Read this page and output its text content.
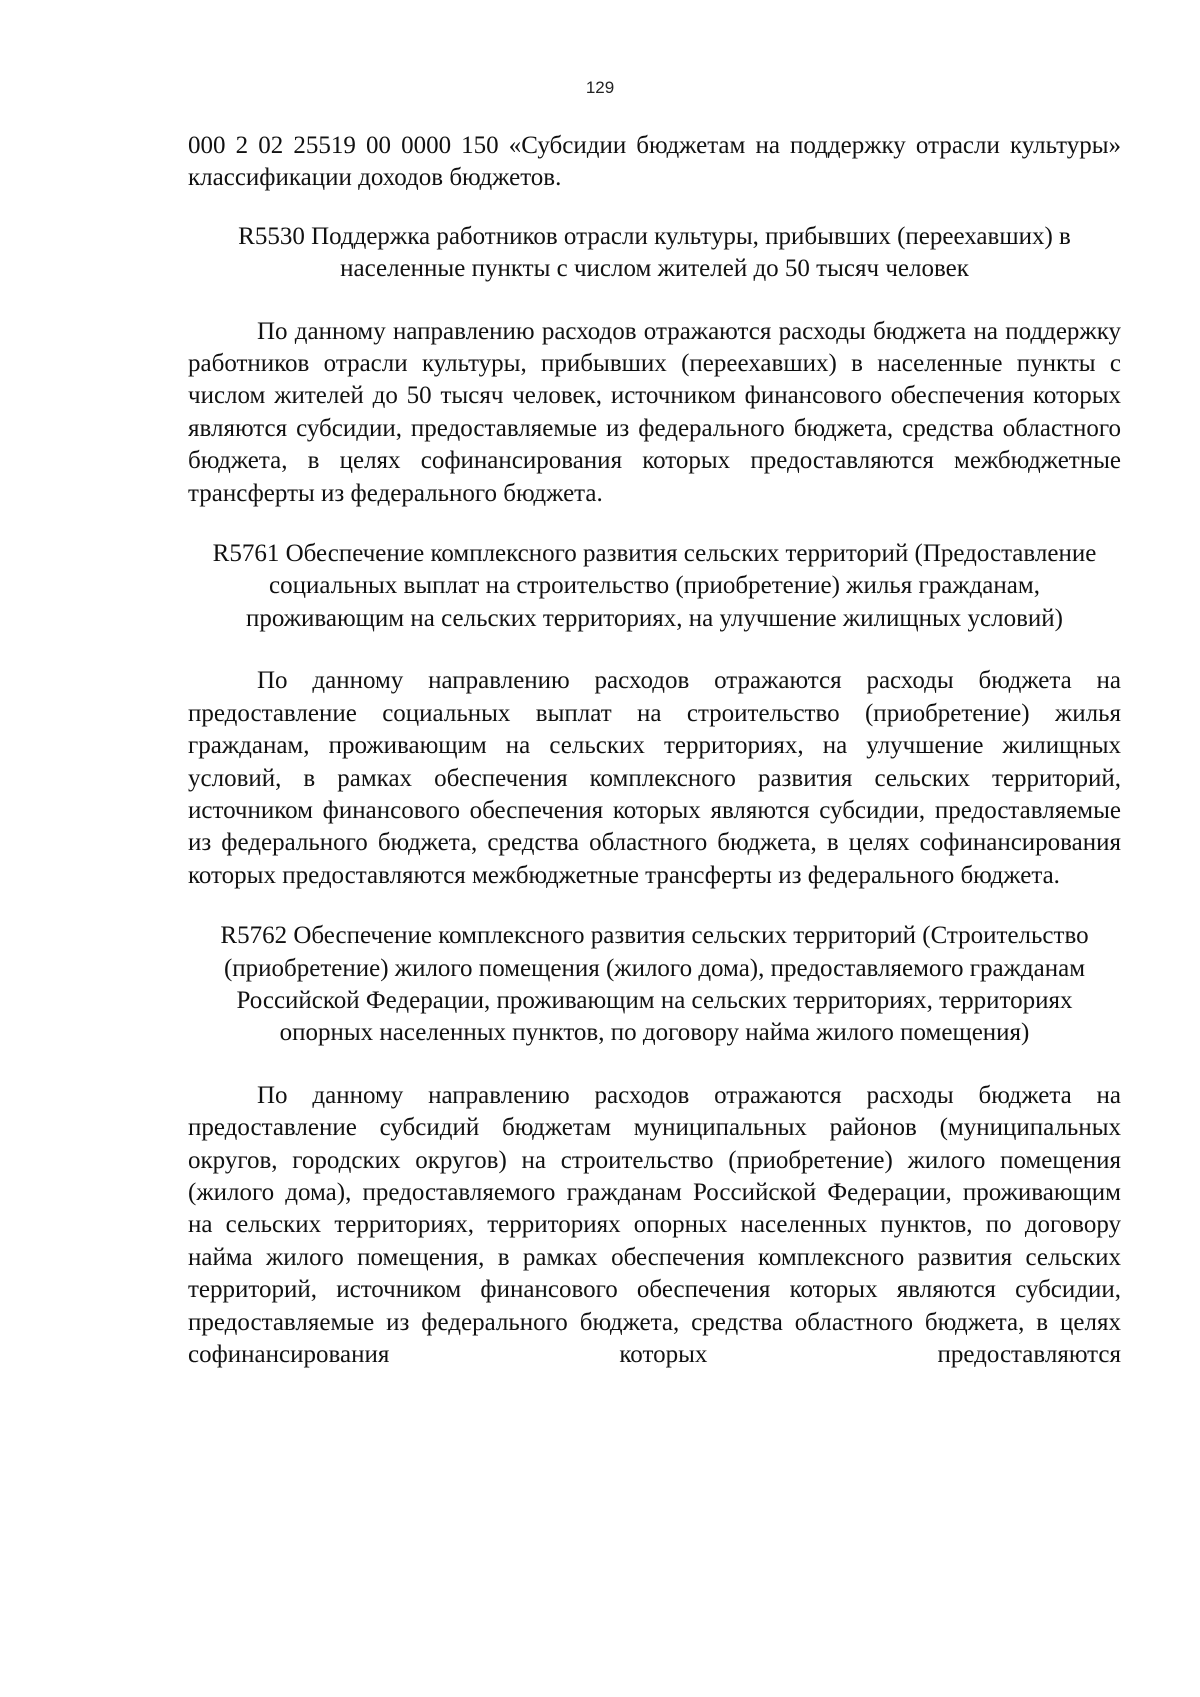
129

000 2 02 25519 00 0000 150 «Субсидии бюджетам на поддержку отрасли культуры» классификации доходов бюджетов.

R5530 Поддержка работников отрасли культуры, прибывших (переехавших) в населенные пункты с числом жителей до 50 тысяч человек

По данному направлению расходов отражаются расходы бюджета на поддержку работников отрасли культуры, прибывших (переехавших) в населенные пункты с числом жителей до 50 тысяч человек, источником финансового обеспечения которых являются субсидии, предоставляемые из федерального бюджета, средства областного бюджета, в целях софинансирования которых предоставляются межбюджетные трансферты из федерального бюджета.

R5761 Обеспечение комплексного развития сельских территорий (Предоставление социальных выплат на строительство (приобретение) жилья гражданам, проживающим на сельских территориях, на улучшение жилищных условий)

По данному направлению расходов отражаются расходы бюджета на предоставление социальных выплат на строительство (приобретение) жилья гражданам, проживающим на сельских территориях, на улучшение жилищных условий, в рамках обеспечения комплексного развития сельских территорий, источником финансового обеспечения которых являются субсидии, предоставляемые из федерального бюджета, средства областного бюджета, в целях софинансирования которых предоставляются межбюджетные трансферты из федерального бюджета.

R5762 Обеспечение комплексного развития сельских территорий (Строительство (приобретение) жилого помещения (жилого дома), предоставляемого гражданам Российской Федерации, проживающим на сельских территориях, территориях опорных населенных пунктов, по договору найма жилого помещения)

По данному направлению расходов отражаются расходы бюджета на предоставление субсидий бюджетам муниципальных районов (муниципальных округов, городских округов) на строительство (приобретение) жилого помещения (жилого дома), предоставляемого гражданам Российской Федерации, проживающим на сельских территориях, территориях опорных населенных пунктов, по договору найма жилого помещения, в рамках обеспечения комплексного развития сельских территорий, источником финансового обеспечения которых являются субсидии, предоставляемые из федерального бюджета, средства областного бюджета, в целях софинансирования которых предоставляются
